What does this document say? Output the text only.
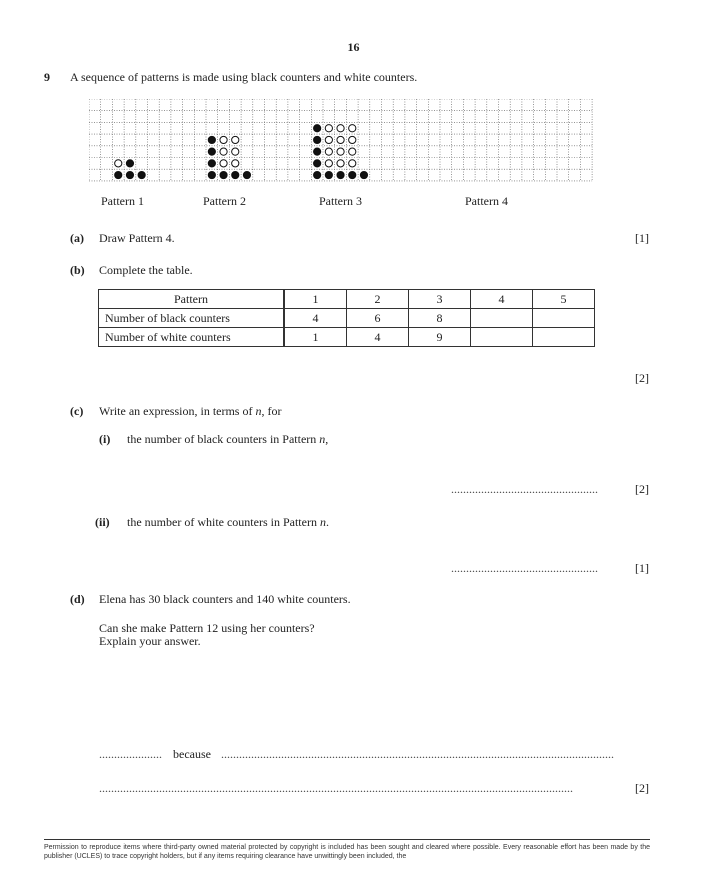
16
9 A sequence of patterns is made using black counters and white counters.
Pattern 1	Pattern 2	Pattern 3	Pattern 4
(a) Draw Pattern 4.	[1]
(b) Complete the table.
Pattern	1	2	3	4	5
Number of black counters	4	6	8		
Number of white counters	1	4	9		
[2]
(c) Write an expression, in terms of n, for
(i) the number of black counters in Pattern n,
.................................................	[2]
(ii) the number of white counters in Pattern n.
.................................................	[1]
(d) Elena has 30 black counters and 140 white counters.
Can she make Pattern 12 using her counters?
Explain your answer.
..................... because ...................................................................................................................................
..............................................................................................................................................................	[2]
Permission to reproduce items where third-party owned material protected by copyright is included has been sought and cleared where possible. Every reasonable effort has been made by the publisher (UCLES) to trace copyright holders, but if any items requiring clearance have unwittingly been included, the
